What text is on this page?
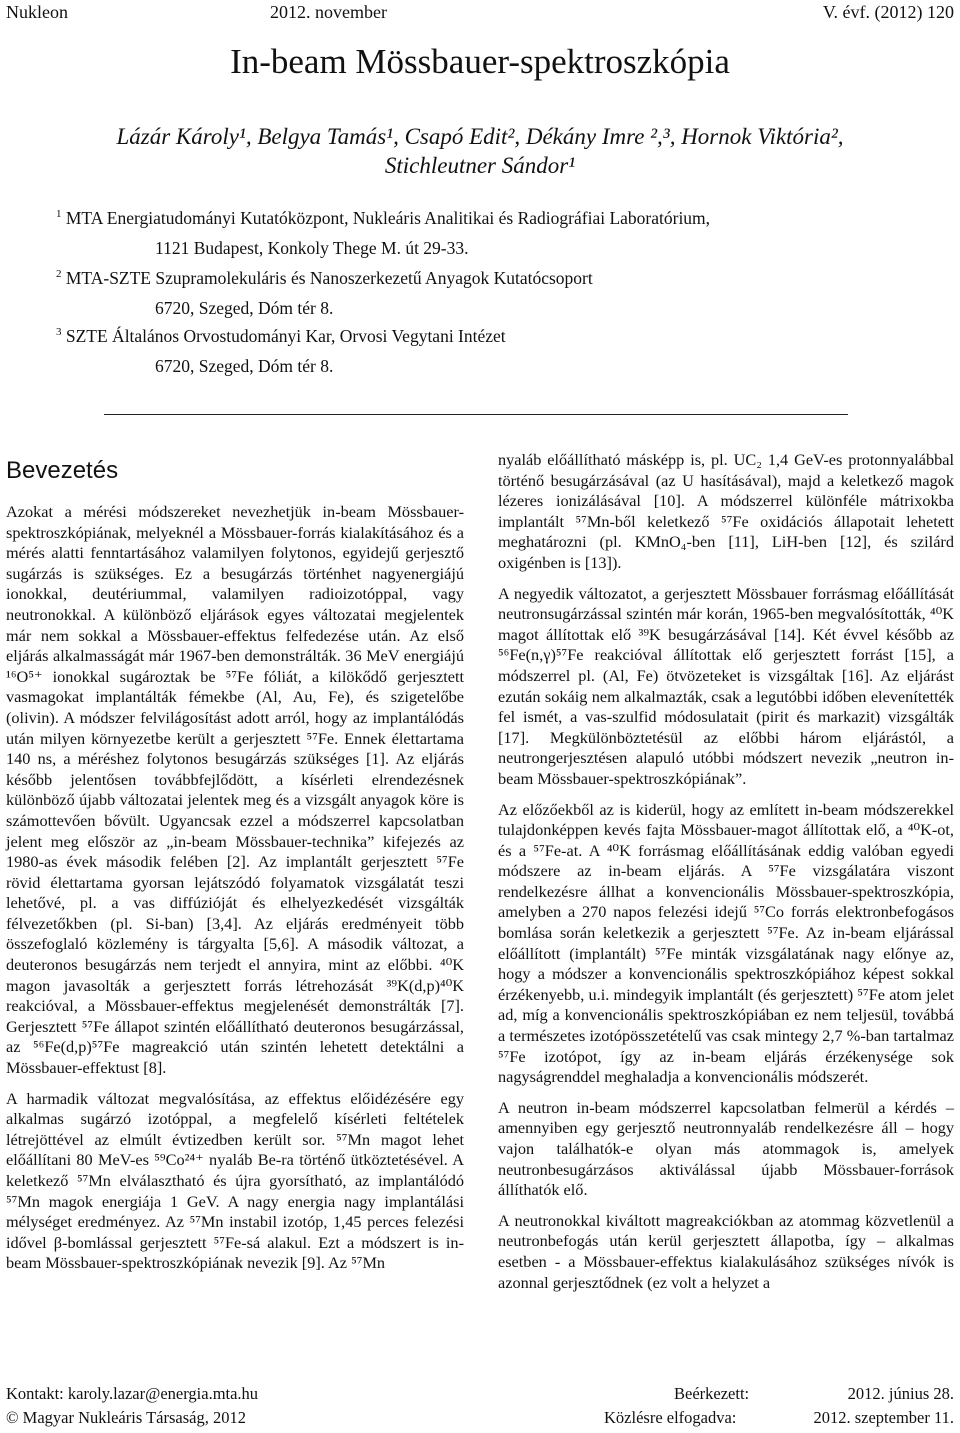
Nukleon	2012. november	V. évf. (2012) 120
In-beam Mössbauer-spektroszkópia
Lázár Károly¹, Belgya Tamás¹, Csapó Edit², Dékány Imre ²,³, Hornok Viktória²,
Stichleutner Sándor¹
$^1$ MTA Energiatudományi Kutatóközpont, Nukleáris Analitikai és Radiográfiai Laboratórium,
1121 Budapest, Konkoly Thege M. út 29-33.
$^2$ MTA-SZTE Szupramolekuláris és Nanoszerkezetű Anyagok Kutatócsoport
6720, Szeged, Dóm tér 8.
$^3$ SZTE Általános Orvostudományi Kar, Orvosi Vegytani Intézet
6720, Szeged, Dóm tér 8.
Bevezetés

Azokat a mérési módszereket nevezhetjük in-beam Mössbauer-spektroszkópiának, melyeknél a Mössbauer-forrás kialakításához és a mérés alatti fenntartásához valamilyen folytonos, egyidejű gerjesztő sugárzás is szükséges. Ez a besugárzás történhet nagyenergiájú ionokkal, deutériummal, valamilyen radioizotóppal, vagy neutronokkal. A különböző eljárások egyes változatai megjelentek már nem sokkal a Mössbauer-effektus felfedezése után. Az első eljárás alkalmasságát már 1967-ben demonstrálták. 36 MeV energiájú ¹⁶O⁵⁺ ionokkal sugároztak be ⁵⁷Fe fóliát, a kilökődő gerjesztett vasmagokat implantálták fémekbe (Al, Au, Fe), és szigetelőbe (olivin). A módszer felvilágosítást adott arról, hogy az implantálódás után milyen környezetbe került a gerjesztett ⁵⁷Fe. Ennek élettartama 140 ns, a méréshez folytonos besugárzás szükséges [1]. Az eljárás később jelentősen továbbfejlődött, a kísérleti elrendezésnek különböző újabb változatai jelentek meg és a vizsgált anyagok köre is számottevően bővült. Ugyancsak ezzel a módszerrel kapcsolatban jelent meg először az „in-beam Mössbauer-technika” kifejezés az 1980-as évek második felében [2]. Az implantált gerjesztett ⁵⁷Fe rövid élettartama gyorsan lejátszódó folyamatok vizsgálatát teszi lehetővé, pl. a vas diffúzióját és elhelyezkedését vizsgálták félvezetőkben (pl. Si-ban) [3,4]. Az eljárás eredményeit több összefoglaló közlemény is tárgyalta [5,6]. A második változat, a deuteronos besugárzás nem terjedt el annyira, mint az előbbi. ⁴⁰K magon javasolták a gerjesztett forrás létrehozását ³⁹K(d,p)⁴⁰K reakcióval, a Mössbauer-effektus megjelenését demonstrálták [7]. Gerjesztett ⁵⁷Fe állapot szintén előállítható deuteronos besugárzással, az ⁵⁶Fe(d,p)⁵⁷Fe magreakció után szintén lehetett detektálni a Mössbauer-effektust [8].

A harmadik változat megvalósítása, az effektus előidézésére egy alkalmas sugárzó izotóppal, a megfelelő kísérleti feltételek létrejöttével az elmúlt évtizedben került sor. ⁵⁷Mn magot lehet előállítani 80 MeV-es ⁵⁹Co²⁴⁺ nyaláb Be-ra történő ütköztetésével. A keletkező ⁵⁷Mn elválasztható és újra gyorsítható, az implantálódó ⁵⁷Mn magok energiája 1 GeV. A nagy energia nagy implantálási mélységet eredményez. Az ⁵⁷Mn instabil izotóp, 1,45 perces felezési idővel β-bomlással gerjesztett ⁵⁷Fe-sá alakul. Ezt a módszert is in-beam Mössbauer-spektroszkópiának nevezik [9]. Az ⁵⁷Mn

nyaláb előállítható másképp is, pl. UC₂ 1,4 GeV-es protonnyalábbal történő besugárzásával (az U hasításával), majd a keletkező magok lézeres ionizálásával [10]. A módszerrel különféle mátrixokba implantált ⁵⁷Mn-ből keletkező ⁵⁷Fe oxidációs állapotait lehetett meghatározni (pl. KMnO₄-ben [11], LiH-ben [12], és szilárd oxigénben is [13]).

A negyedik változatot, a gerjesztett Mössbauer forrásmag előállítását neutronsugárzással szintén már korán, 1965-ben megvalósították, ⁴⁰K magot állítottak elő ³⁹K besugárzásával [14]. Két évvel később az ⁵⁶Fe(n,γ)⁵⁷Fe reakcióval állítottak elő gerjesztett forrást [15], a módszerrel pl. (Al, Fe) ötvözeteket is vizsgáltak [16]. Az eljárást ezután sokáig nem alkalmazták, csak a legutóbbi időben elevenítették fel ismét, a vas-szulfid módosulatait (pirit és markazit) vizsgálták [17]. Megkülönböztetésül az előbbi három eljárástól, a neutrongerjesztésen alapuló utóbbi módszert nevezik „neutron in-beam Mössbauer-spektroszkópiának”.

Az előzőekből az is kiderül, hogy az említett in-beam módszerekkel tulajdonképpen kevés fajta Mössbauer-magot állítottak elő, a ⁴⁰K-ot, és a ⁵⁷Fe-at. A ⁴⁰K forrásmag előállításának eddig valóban egyedi módszere az in-beam eljárás. A ⁵⁷Fe vizsgálatára viszont rendelkezésre állhat a konvencionális Mössbauer-spektroszkópia, amelyben a 270 napos felezési idejű ⁵⁷Co forrás elektronbefogásos bomlása során keletkezik a gerjesztett ⁵⁷Fe. Az in-beam eljárással előállított (implantált) ⁵⁷Fe minták vizsgálatának nagy előnye az, hogy a módszer a konvencionális spektroszkópiához képest sokkal érzékenyebb, u.i. mindegyik implantált (és gerjesztett) ⁵⁷Fe atom jelet ad, míg a konvencionális spektroszkópiában ez nem teljesül, továbbá a természetes izotópösszetételű vas csak mintegy 2,7 %-ban tartalmaz ⁵⁷Fe izotópot, így az in-beam eljárás érzékenysége sok nagyságrenddel meghaladja a konvencionális módszerét.

A neutron in-beam módszerrel kapcsolatban felmerül a kérdés – amennyiben egy gerjesztő neutronnyaláb rendelkezésre áll – hogy vajon találhatók-e olyan más atommagok is, amelyek neutronbesugárzásos aktiválással újabb Mössbauer-források állíthatók elő.

A neutronokkal kiváltott magreakciókban az atommag közvetlenül a neutronbefogás után kerül gerjesztett állapotba, így – alkalmas esetben - a Mössbauer-effektus kialakulásához szükséges nívók is azonnal gerjesztődnek (ez volt a helyzet a

Kontakt: karoly.lazar@energia.mta.hu	Beérkezett:	2012. június 28.
© Magyar Nukleáris Társaság, 2012	Közlésre elfogadva:	2012. szeptember 11.
